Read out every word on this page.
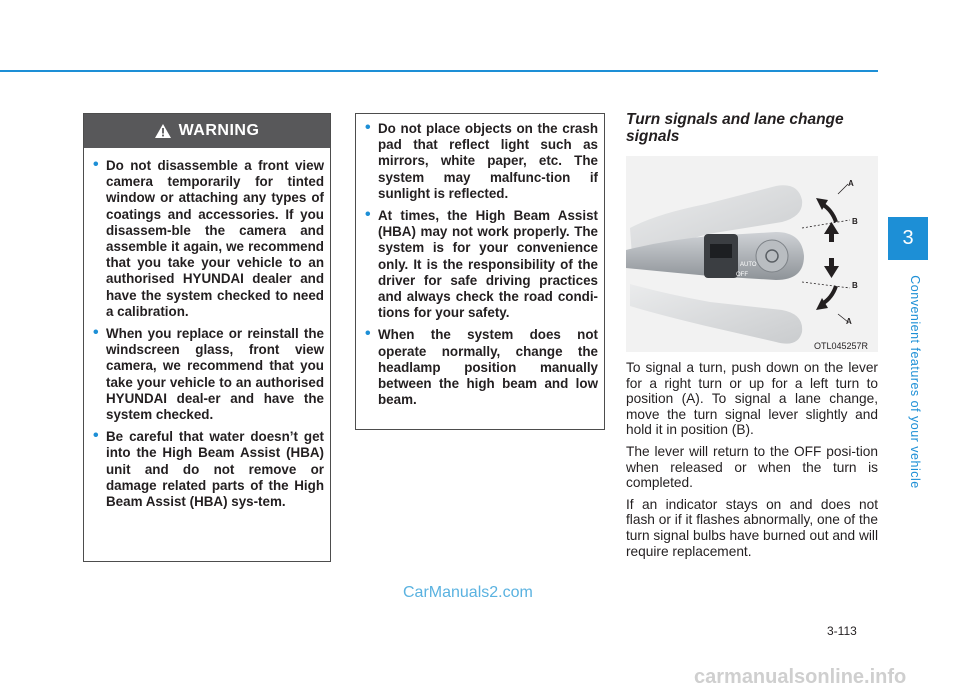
WARNING
• Do not disassemble a front view camera temporarily for tinted window or attaching any types of coatings and accessories. If you disassem-ble the camera and assemble it again, we recommend that you take your vehicle to an authorised HYUNDAI dealer and have the system checked to need a calibration.
• When you replace or reinstall the windscreen glass, front view camera, we recommend that you take your vehicle to an authorised HYUNDAI deal-er and have the system checked.
• Be careful that water doesn’t get into the High Beam Assist (HBA) unit and do not remove or damage related parts of the High Beam Assist (HBA) sys-tem.
• Do not place objects on the crash pad that reflect light such as mirrors, white paper, etc. The system may malfunc-tion if sunlight is reflected.
• At times, the High Beam Assist (HBA) may not work properly. The system is for your convenience only. It is the responsibility of the driver for safe driving practices and always check the road condi-tions for your safety.
• When the system does not operate normally, change the headlamp position manually between the high beam and low beam.
Turn signals and lane change signals
AUTO
OFF
A
B
B
A
OTL045257R

To signal a turn, push down on the lever for a right turn or up for a left turn to position (A). To signal a lane change, move the turn signal lever slightly and hold it in position (B).

The lever will return to the OFF posi-tion when released or when the turn is completed.

If an indicator stays on and does not flash or if it flashes abnormally, one of the turn signal bulbs have burned out and will require replacement.

3
Convenient features of your vehicle
3-113
CarManuals2.com
carmanualsonline.info
